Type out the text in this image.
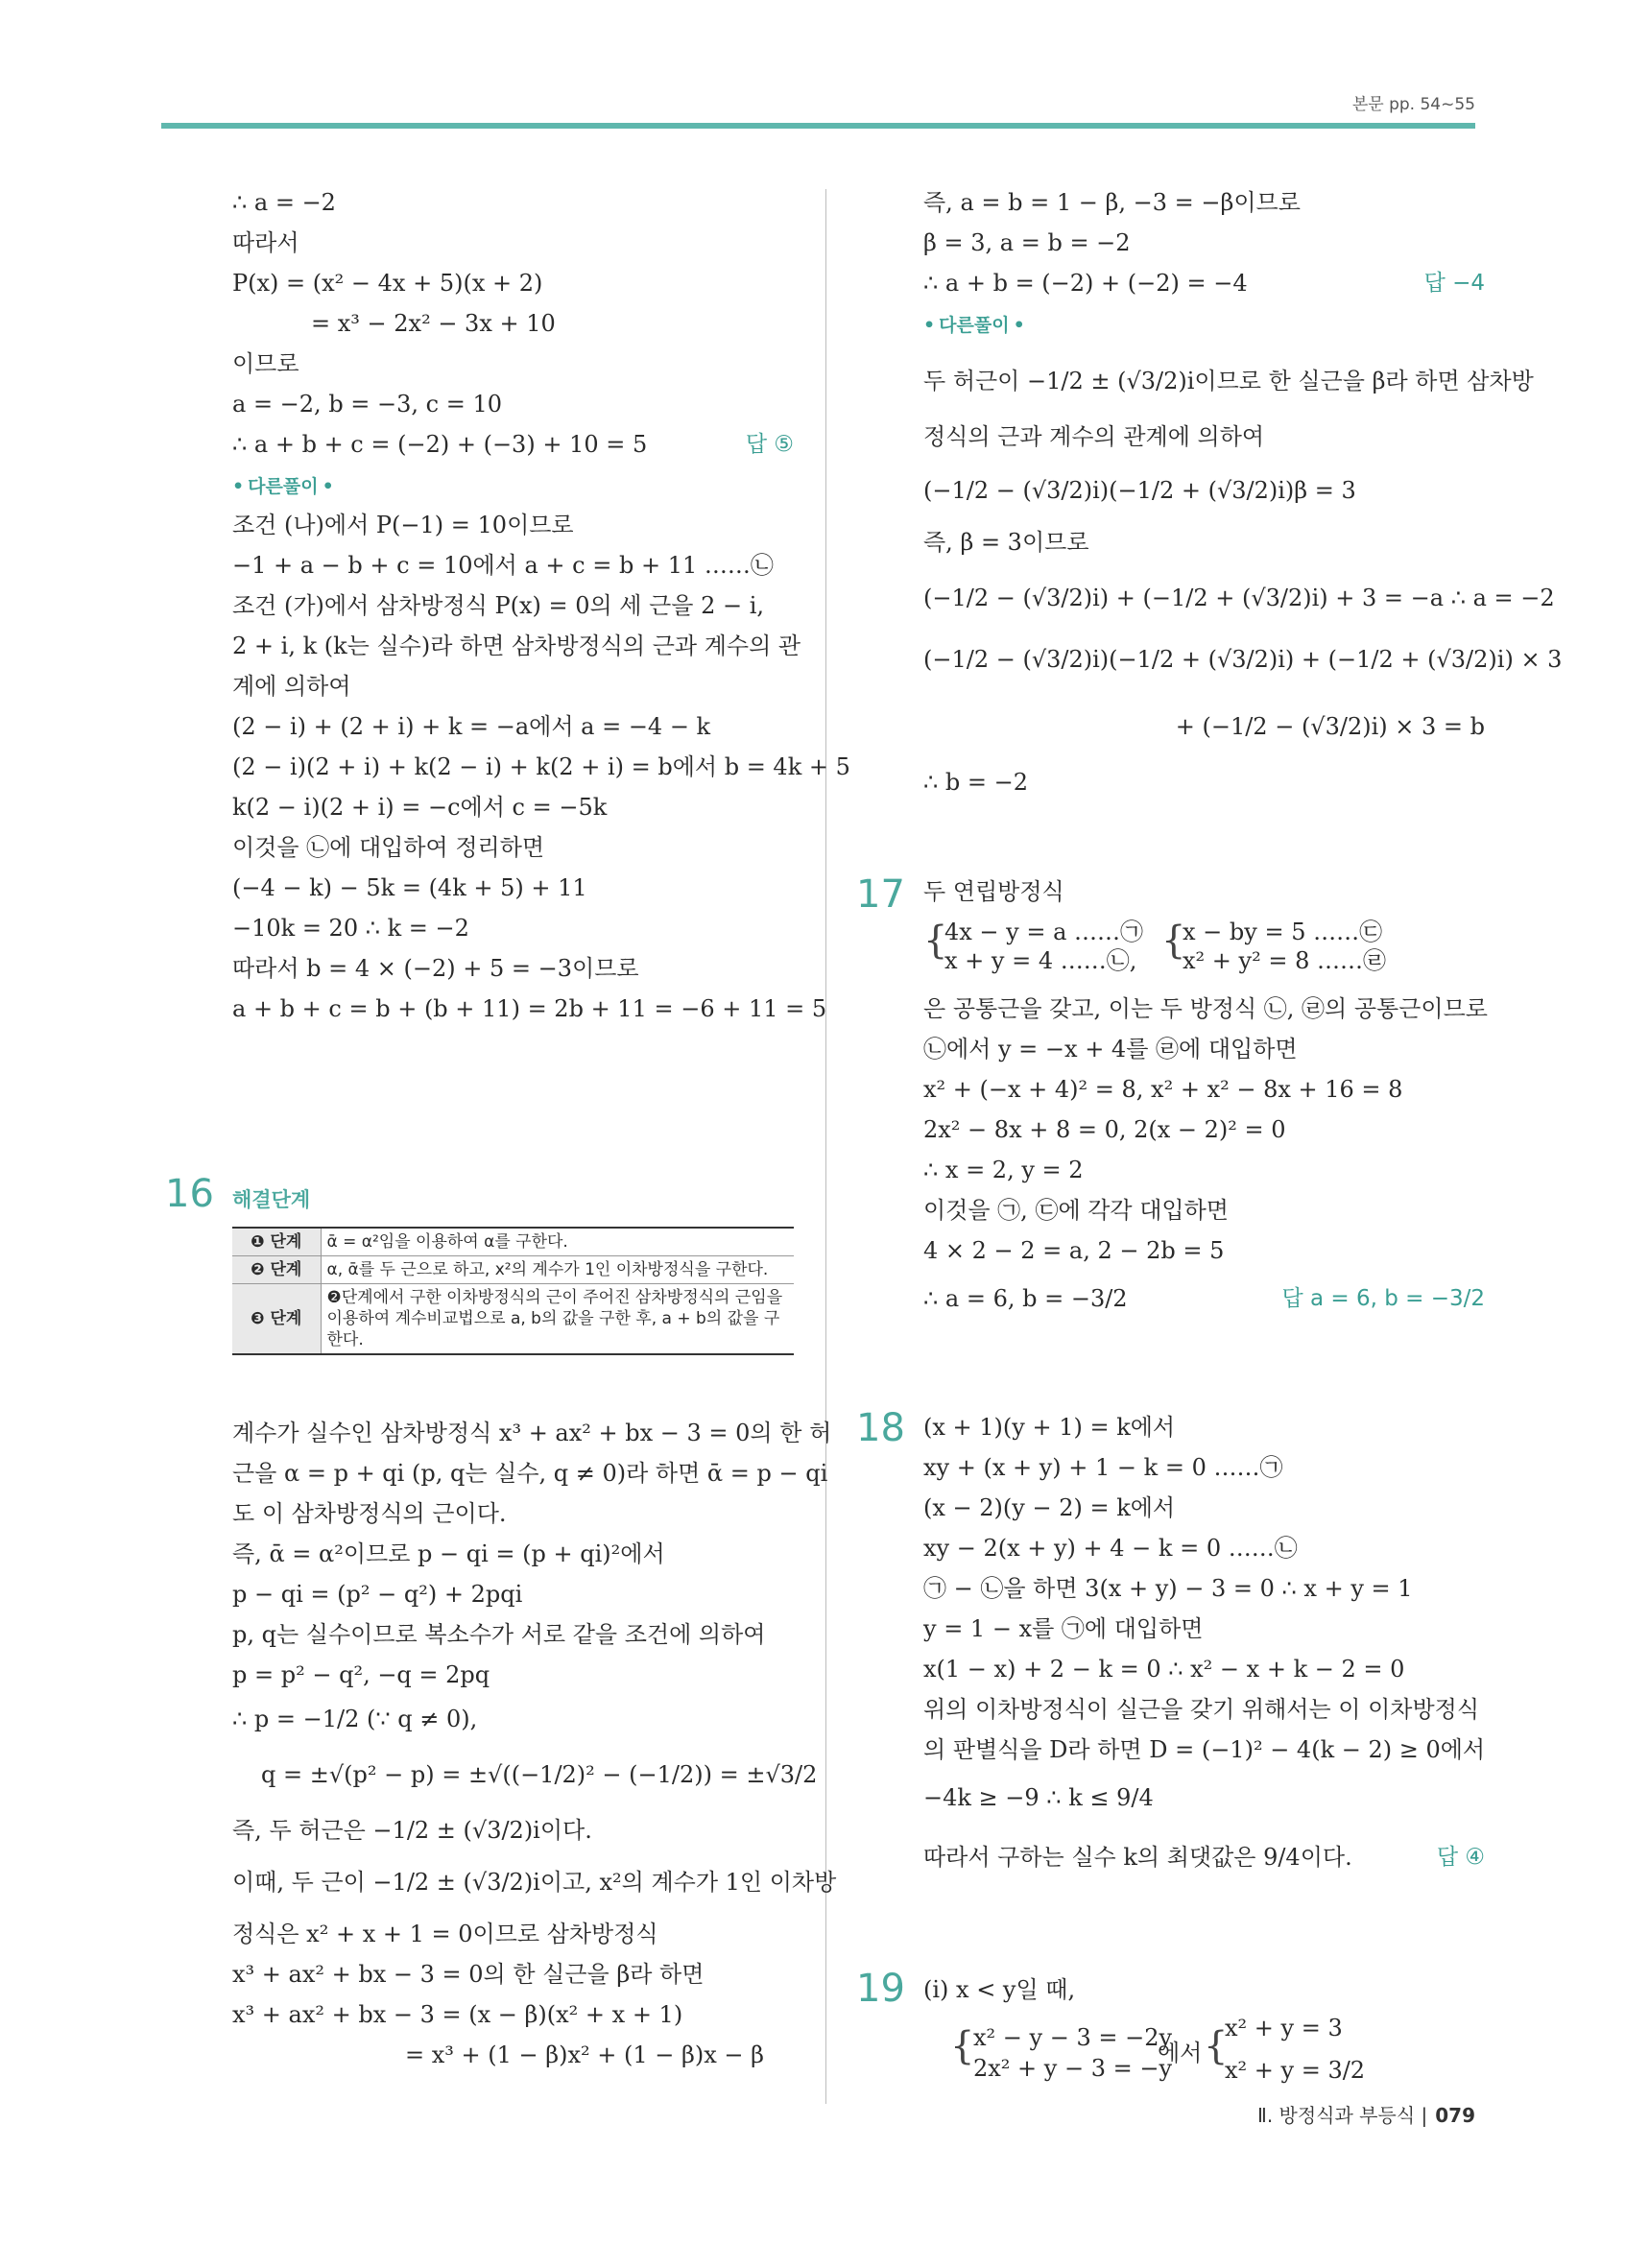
본문 pp. 54~55
∴ a = −2
따라서
P(x) = (x² − 4x + 5)(x + 2)
= x³ − 2x² − 3x + 10
이므로
a = −2, b = −3, c = 10
∴ a + b + c = (−2) + (−3) + 10 = 5	답 ⑤
• 다른풀이 •
조건 (나)에서 P(−1) = 10이므로
−1 + a − b + c = 10에서 a + c = b + 11 ……㉡
조건 (가)에서 삼차방정식 P(x) = 0의 세 근을 2 − i,
2 + i, k (k는 실수)라 하면 삼차방정식의 근과 계수의 관
계에 의하여
(2 − i) + (2 + i) + k = −a에서 a = −4 − k
(2 − i)(2 + i) + k(2 − i) + k(2 + i) = b에서 b = 4k + 5
k(2 − i)(2 + i) = −c에서 c = −5k
이것을 ㉡에 대입하여 정리하면
(−4 − k) − 5k = (4k + 5) + 11
−10k = 20 ∴ k = −2
따라서 b = 4 × (−2) + 5 = −3이므로
a + b + c = b + (b + 11) = 2b + 11 = −6 + 11 = 5
16 해결단계
❶ 단계	ᾱ = α²임을 이용하여 α를 구한다.
❷ 단계	α, ᾱ를 두 근으로 하고, x²의 계수가 1인 이차방정식을 구한다.
❸ 단계	❷단계에서 구한 이차방정식의 근이 주어진 삼차방정식의 근임을 이용하여 계수비교법으로 a, b의 값을 구한 후, a + b의 값을 구한다.
계수가 실수인 삼차방정식 x³ + ax² + bx − 3 = 0의 한 허
근을 α = p + qi (p, q는 실수, q ≠ 0)라 하면 ᾱ = p − qi
도 이 삼차방정식의 근이다.
즉, ᾱ = α²이므로 p − qi = (p + qi)²에서
p − qi = (p² − q²) + 2pqi
p, q는 실수이므로 복소수가 서로 같을 조건에 의하여
p = p² − q², −q = 2pq
∴ p = −1/2 (∵ q ≠ 0),
q = ±√(p² − p) = ±√((−1/2)² − (−1/2)) = ±√3/2
즉, 두 허근은 −1/2 ± (√3/2)i이다.
이때, 두 근이 −1/2 ± (√3/2)i이고, x²의 계수가 1인 이차방
정식은 x² + x + 1 = 0이므로 삼차방정식
x³ + ax² + bx − 3 = 0의 한 실근을 β라 하면
x³ + ax² + bx − 3 = (x − β)(x² + x + 1)
= x³ + (1 − β)x² + (1 − β)x − β
즉, a = b = 1 − β, −3 = −β이므로
β = 3, a = b = −2
∴ a + b = (−2) + (−2) = −4	답 −4
• 다른풀이 •
두 허근이 −1/2 ± (√3/2)i이므로 한 실근을 β라 하면 삼차방
정식의 근과 계수의 관계에 의하여
(−1/2 − (√3/2)i)(−1/2 + (√3/2)i)β = 3
즉, β = 3이므로
(−1/2 − (√3/2)i) + (−1/2 + (√3/2)i) + 3 = −a ∴ a = −2
(−1/2 − (√3/2)i)(−1/2 + (√3/2)i) + (−1/2 + (√3/2)i) × 3
+ (−1/2 − (√3/2)i) × 3 = b
∴ b = −2
17 두 연립방정식
{
4x − y = a ……㉠
x + y = 4 ……㉡, {
x − by = 5 ……㉢
x² + y² = 8 ……㉣
은 공통근을 갖고, 이는 두 방정식 ㉡, ㉣의 공통근이므로
㉡에서 y = −x + 4를 ㉣에 대입하면
x² + (−x + 4)² = 8, x² + x² − 8x + 16 = 8
2x² − 8x + 8 = 0, 2(x − 2)² = 0
∴ x = 2, y = 2
이것을 ㉠, ㉢에 각각 대입하면
4 × 2 − 2 = a, 2 − 2b = 5
∴ a = 6, b = −3/2	답 a = 6, b = −3/2
18 (x + 1)(y + 1) = k에서
xy + (x + y) + 1 − k = 0 ……㉠
(x − 2)(y − 2) = k에서
xy − 2(x + y) + 4 − k = 0 ……㉡
㉠ − ㉡을 하면 3(x + y) − 3 = 0 ∴ x + y = 1
y = 1 − x를 ㉠에 대입하면
x(1 − x) + 2 − k = 0 ∴ x² − x + k − 2 = 0
위의 이차방정식이 실근을 갖기 위해서는 이 이차방정식
의 판별식을 D라 하면 D = (−1)² − 4(k − 2) ≥ 0에서
−4k ≥ −9 ∴ k ≤ 9/4
따라서 구하는 실수 k의 최댓값은 9/4이다.	답 ④
19 (i) x < y일 때,
{
x² − y − 3 = −2y
2x² + y − 3 = −y
에서 {
x² + y = 3
x² + y = 3/2
Ⅱ. 방정식과 부등식 | 079
